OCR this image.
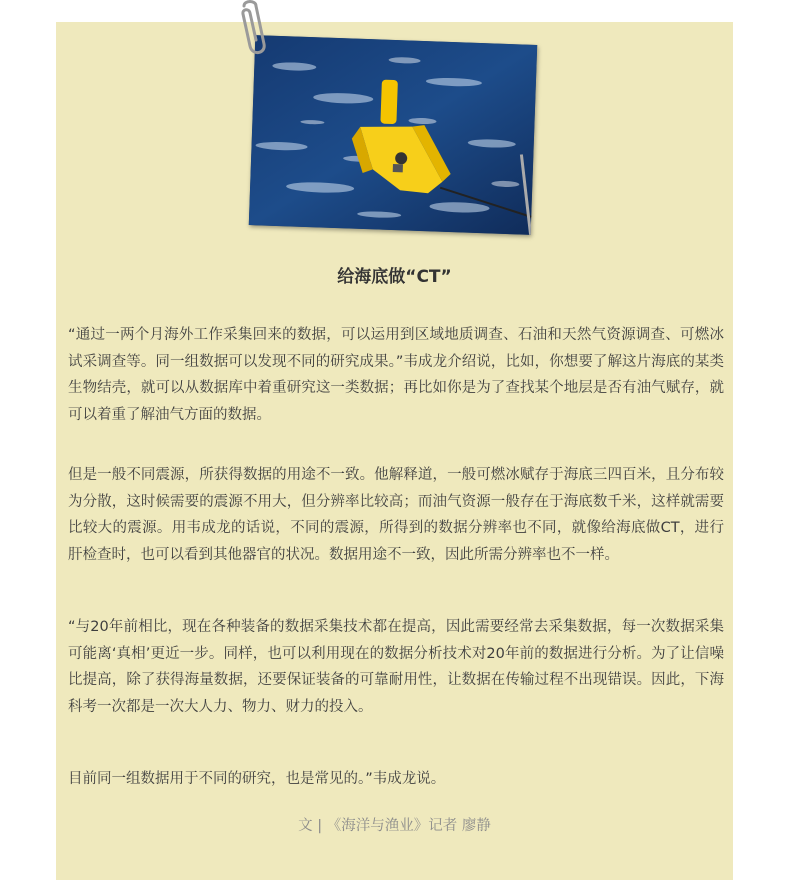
给海底做“CT”

“通过一两个月海外工作采集回来的数据，可以运用到区域地质调查、石油和天然气资源调查、可燃冰试采调查等。同一组数据可以发现不同的研究成果。”韦成龙介绍说，比如，你想要了解这片海底的某类生物结壳，就可以从数据库中着重研究这一类数据；再比如你是为了查找某个地层是否有油气赋存，就可以着重了解油气方面的数据。

但是一般不同震源，所获得数据的用途不一致。他解释道，一般可燃冰赋存于海底三四百米，且分布较为分散，这时候需要的震源不用大，但分辨率比较高；而油气资源一般存在于海底数千米，这样就需要比较大的震源。用韦成龙的话说，不同的震源，所得到的数据分辨率也不同，就像给海底做CT，进行肝检查时，也可以看到其他器官的状况。数据用途不一致，因此所需分辨率也不一样。

“与20年前相比，现在各种装备的数据采集技术都在提高，因此需要经常去采集数据，每一次数据采集可能离‘真相’更近一步。同样，也可以利用现在的数据分析技术对20年前的数据进行分析。为了让信噪比提高，除了获得海量数据，还要保证装备的可靠耐用性，让数据在传输过程不出现错误。因此，下海科考一次都是一次大人力、物力、财力的投入。

目前同一组数据用于不同的研究，也是常见的。”韦成龙说。

文 | 《海洋与渔业》记者 廖静
